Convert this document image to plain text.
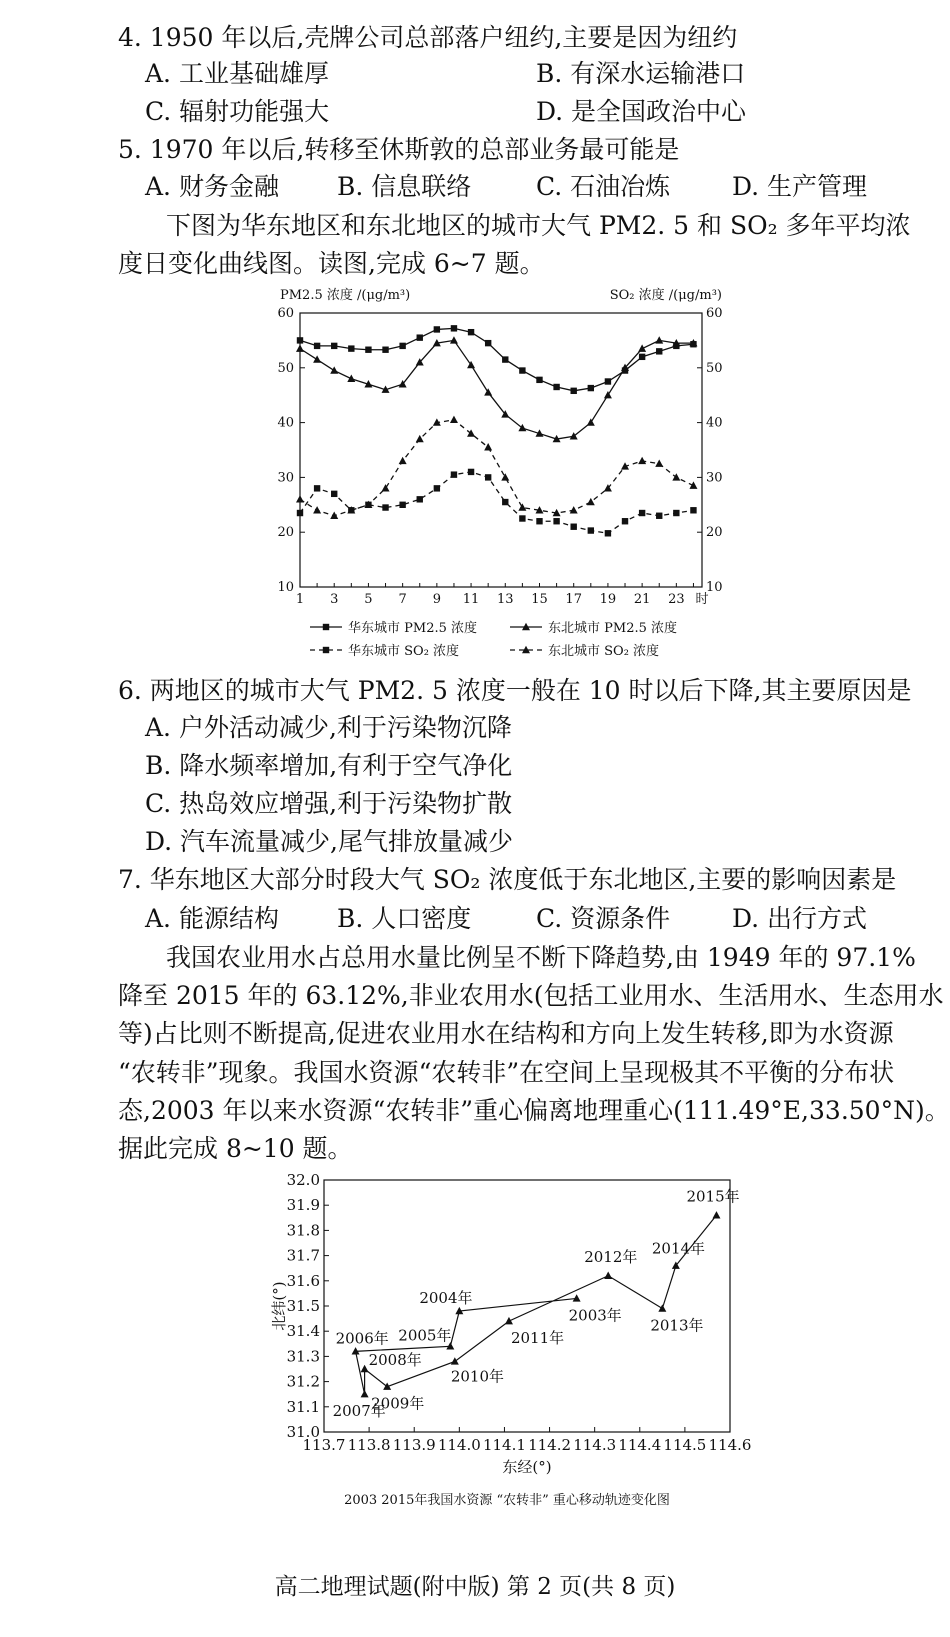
4. 1950 年以后,壳牌公司总部落户纽约,主要是因为纽约
A. 工业基础雄厚	B. 有深水运输港口
C. 辐射功能强大	D. 是全国政治中心
5. 1970 年以后,转移至休斯敦的总部业务最可能是
A. 财务金融 B. 信息联络	C. 石油冶炼 D. 生产管理
下图为华东地区和东北地区的城市大气 PM2. 5 和 SO₂ 多年平均浓
度日变化曲线图。读图,完成 6~7 题。
PM2.5 浓度 /(μg/m³)	SO₂ 浓度 /(μg/m³)
10	10
20	20
30	30
40	40
50	50
60	60
1 3 5 7 9 11 13 15 17 19 21 23 时
华东城市 PM2.5 浓度	东北城市 PM2.5 浓度
华东城市 SO₂ 浓度	东北城市 SO₂ 浓度
6. 两地区的城市大气 PM2. 5 浓度一般在 10 时以后下降,其主要原因是
A. 户外活动减少,利于污染物沉降
B. 降水频率增加,有利于空气净化
C. 热岛效应增强,利于污染物扩散
D. 汽车流量减少,尾气排放量减少
7. 华东地区大部分时段大气 SO₂ 浓度低于东北地区,主要的影响因素是
A. 能源结构 B. 人口密度	C. 资源条件 D. 出行方式
我国农业用水占总用水量比例呈不断下降趋势,由 1949 年的 97.1%
降至 2015 年的 63.12%,非业农用水(包括工业用水、生活用水、生态用水
等)占比则不断提高,促进农业用水在结构和方向上发生转移,即为水资源
“农转非”现象。我国水资源“农转非”在空间上呈现极其不平衡的分布状
态,2003 年以来水资源“农转非”重心偏离地理重心(111.49°E,33.50°N)。
据此完成 8~10 题。
31.0
31.1
31.2
31.3
31.4
31.5
31.6
31.7
31.8
31.9
32.0
113.7 113.8 113.9 114.0 114.1 114.2 114.3 114.4 114.5 114.6
东经(°)
北纬(°)
2003 2015年我国水资源 “农转非” 重心移动轨迹变化图
2003年
2004年
2005年
2006年
2007年
2008年
2009年
2010年
2011年
2012年
2013年
2014年
2015年
高二地理试题(附中版) 第 2 页(共 8 页)
